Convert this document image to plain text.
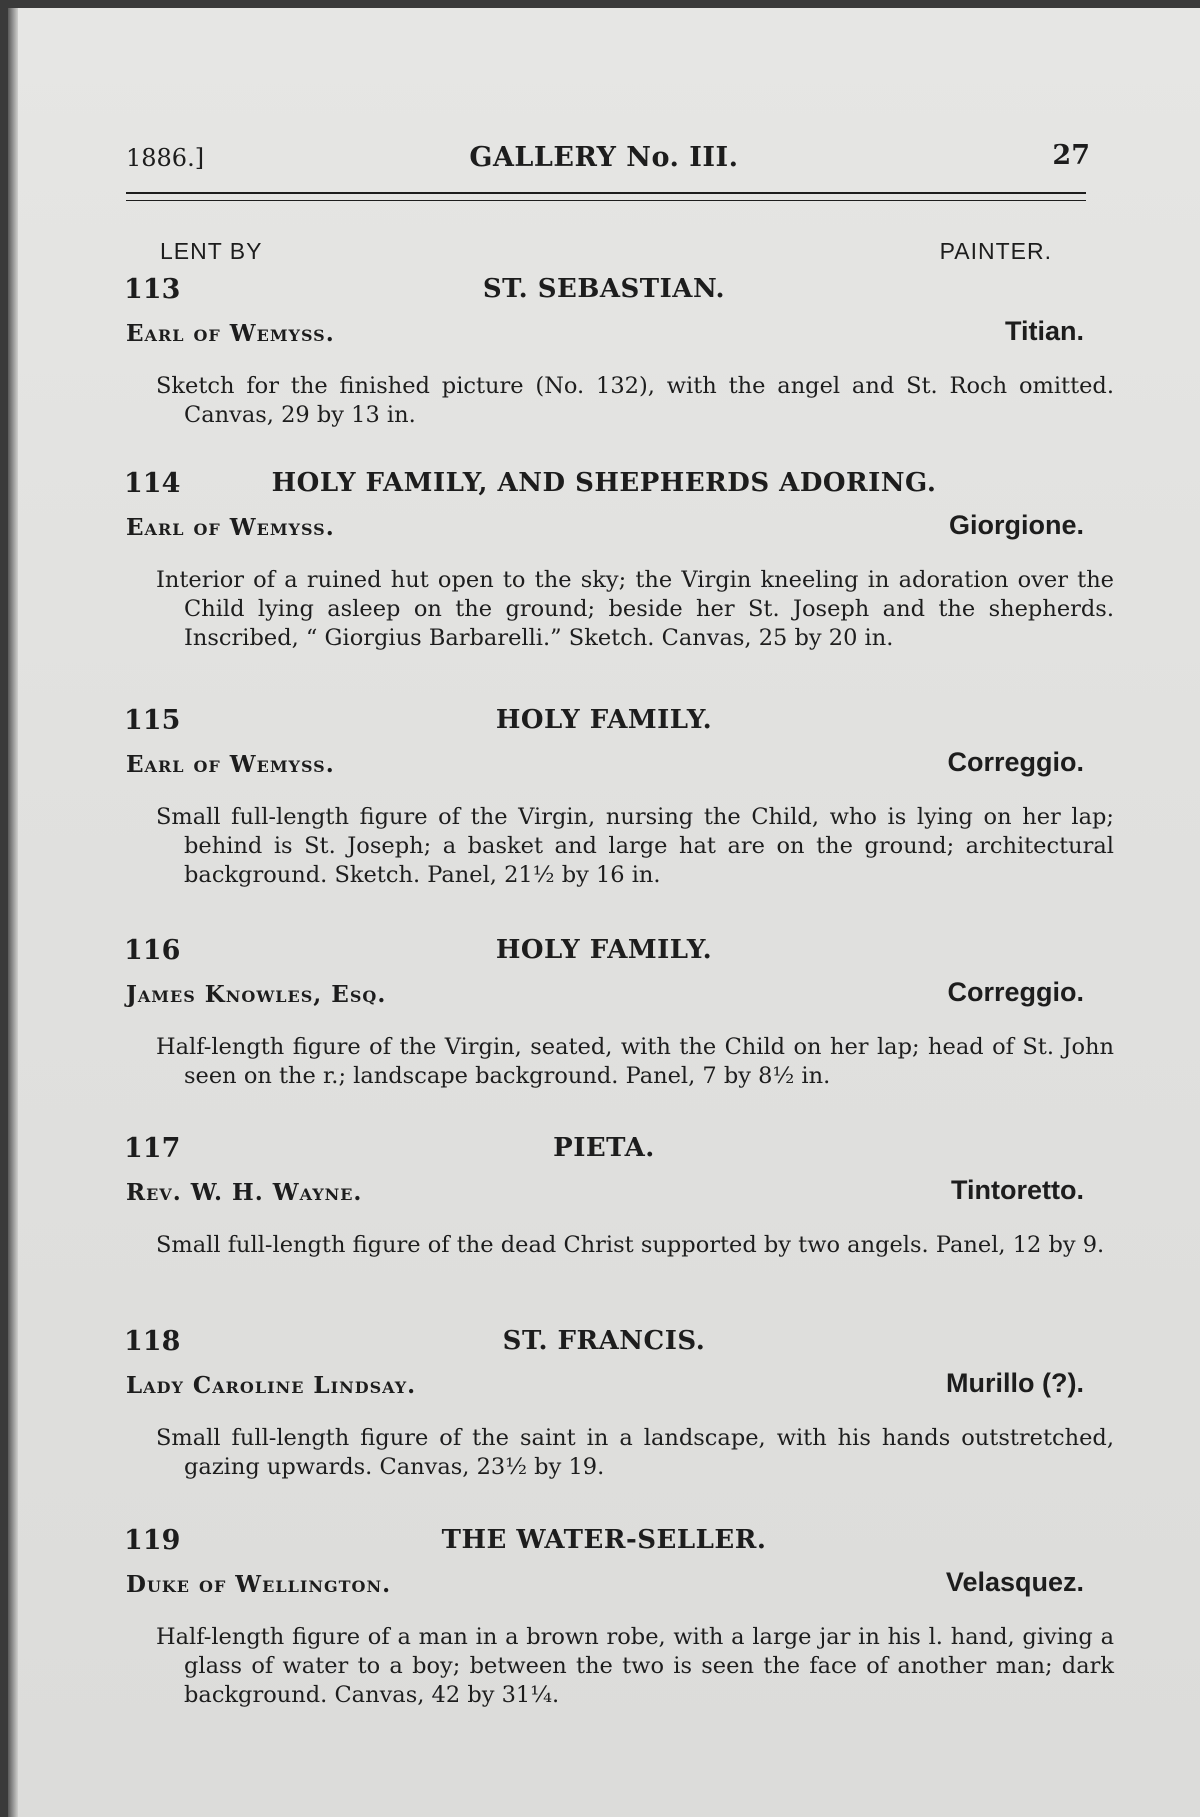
1886.]	GALLERY No. III.	27
LENT BY	PAINTER.
113	ST. SEBASTIAN.
Earl of Wemyss.	Titian.
Sketch for the finished picture (No. 132), with the angel and St. Roch omitted. Canvas, 29 by 13 in.
114	HOLY FAMILY, AND SHEPHERDS ADORING.
Earl of Wemyss.	Giorgione.
Interior of a ruined hut open to the sky; the Virgin kneeling in adoration over the Child lying asleep on the ground; beside her St. Joseph and the shepherds. Inscribed, “ Giorgius Barbarelli.” Sketch. Canvas, 25 by 20 in.
115	HOLY FAMILY.
Earl of Wemyss.	Correggio.
Small full-length figure of the Virgin, nursing the Child, who is lying on her lap; behind is St. Joseph; a basket and large hat are on the ground; architectural background. Sketch. Panel, 21½ by 16 in.
116	HOLY FAMILY.
James Knowles, Esq.	Correggio.
Half-length figure of the Virgin, seated, with the Child on her lap; head of St. John seen on the r.; landscape background. Panel, 7 by 8½ in.
117	PIETA.
Rev. W. H. Wayne.	Tintoretto.
Small full-length figure of the dead Christ supported by two angels. Panel, 12 by 9.
118	ST. FRANCIS.
Lady Caroline Lindsay.	Murillo (?).
Small full-length figure of the saint in a landscape, with his hands outstretched, gazing upwards. Canvas, 23½ by 19.
119	THE WATER-SELLER.
Duke of Wellington.	Velasquez.
Half-length figure of a man in a brown robe, with a large jar in his l. hand, giving a glass of water to a boy; between the two is seen the face of another man; dark background. Canvas, 42 by 31¼.
